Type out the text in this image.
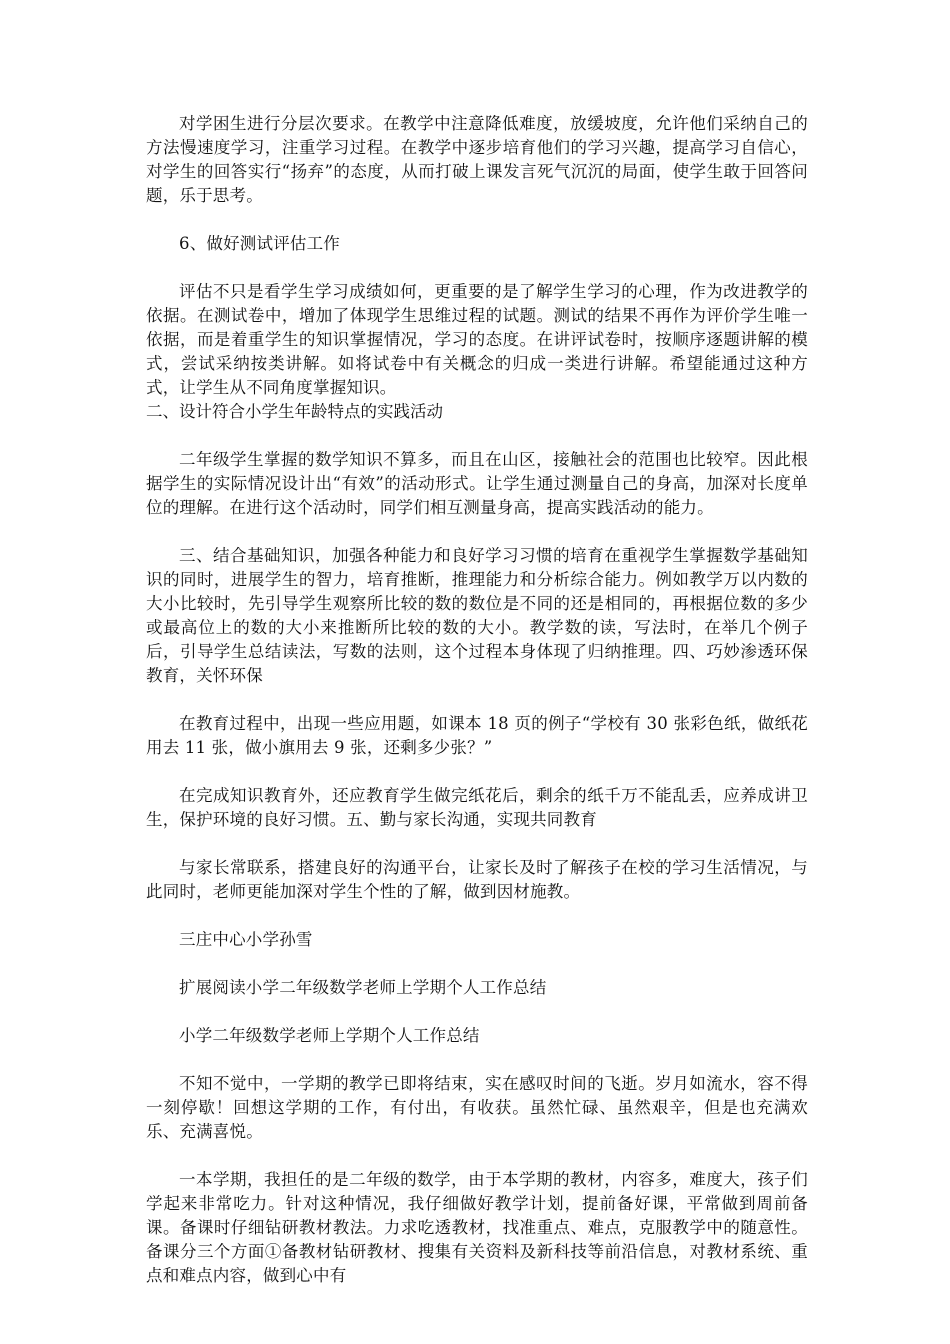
对学困生进行分层次要求。在教学中注意降低难度，放缓坡度，允许他们采纳自己的方法慢速度学习，注重学习过程。在教学中逐步培育他们的学习兴趣，提高学习自信心，对学生的回答实行“扬弃”的态度，从而打破上课发言死气沉沉的局面，使学生敢于回答问题，乐于思考。

6、做好测试评估工作

评估不只是看学生学习成绩如何，更重要的是了解学生学习的心理，作为改进教学的依据。在测试卷中，增加了体现学生思维过程的试题。测试的结果不再作为评价学生唯一依据，而是着重学生的知识掌握情况，学习的态度。在讲评试卷时，按顺序逐题讲解的模式，尝试采纳按类讲解。如将试卷中有关概念的归成一类进行讲解。希望能通过这种方式，让学生从不同角度掌握知识。

二、设计符合小学生年龄特点的实践活动

二年级学生掌握的数学知识不算多，而且在山区，接触社会的范围也比较窄。因此根据学生的实际情况设计出“有效”的活动形式。让学生通过测量自己的身高，加深对长度单位的理解。在进行这个活动时，同学们相互测量身高，提高实践活动的能力。

三、结合基础知识，加强各种能力和良好学习习惯的培育在重视学生掌握数学基础知识的同时，进展学生的智力，培育推断，推理能力和分析综合能力。例如教学万以内数的大小比较时，先引导学生观察所比较的数的数位是不同的还是相同的，再根据位数的多少或最高位上的数的大小来推断所比较的数的大小。教学数的读，写法时，在举几个例子后，引导学生总结读法，写数的法则，这个过程本身体现了归纳推理。四、巧妙渗透环保教育，关怀环保

在教育过程中，出现一些应用题，如课本 18 页的例子“学校有 30 张彩色纸，做纸花用去 11 张，做小旗用去 9 张，还剩多少张？”

在完成知识教育外，还应教育学生做完纸花后，剩余的纸千万不能乱丢，应养成讲卫生，保护环境的良好习惯。五、勤与家长沟通，实现共同教育

与家长常联系，搭建良好的沟通平台，让家长及时了解孩子在校的学习生活情况，与此同时，老师更能加深对学生个性的了解，做到因材施教。

三庄中心小学孙雪

扩展阅读小学二年级数学老师上学期个人工作总结

小学二年级数学老师上学期个人工作总结

不知不觉中，一学期的教学已即将结束，实在感叹时间的飞逝。岁月如流水，容不得一刻停歇！回想这学期的工作，有付出，有收获。虽然忙碌、虽然艰辛，但是也充满欢乐、充满喜悦。

一本学期，我担任的是二年级的数学，由于本学期的教材，内容多，难度大，孩子们学起来非常吃力。针对这种情况，我仔细做好教学计划，提前备好课，平常做到周前备课。备课时仔细钻研教材教法。力求吃透教材，找准重点、难点，克服教学中的随意性。备课分三个方面①备教材钻研教材、搜集有关资料及新科技等前沿信息，对教材系统、重点和难点内容，做到心中有
